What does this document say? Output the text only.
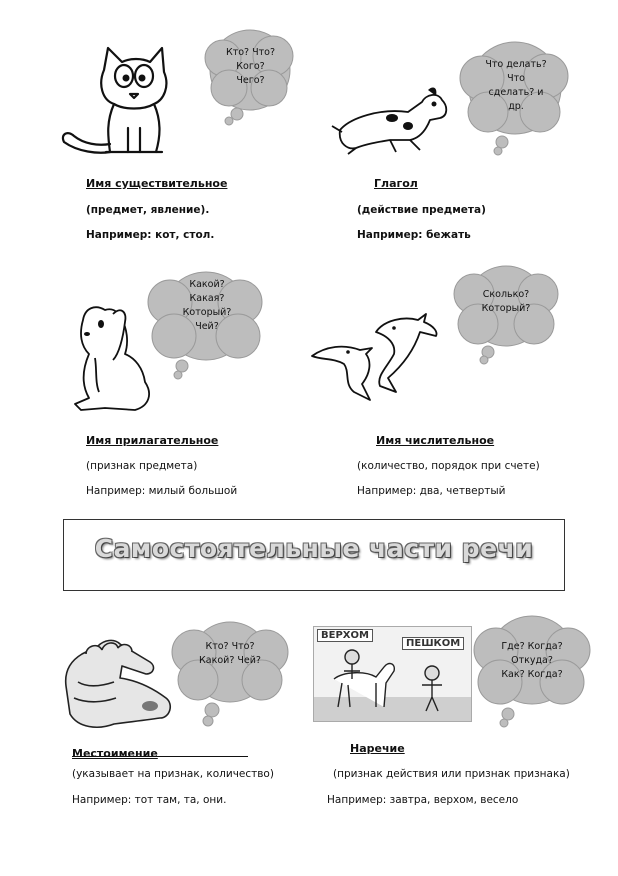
Кто? Что?
Кого?
Чего?
Что делать?
Что
сделать? и
др.
Имя существительное
(предмет, явление).
Например: кот, стол.
Глагол
(действие предмета)
Например: бежать
Какой?
Какая?
Который?
Чей?
Сколько?
Который?
Имя прилагательное
(признак предмета)
Например: милый большой
Имя числительное
(количество, порядок при счете)
Например: два, четвертый
Самостоятельные части речи
Кто? Что?
Какой? Чей?
ВЕРХОМ
ПЕШКОМ	Где? Когда?
Откуда?
Как? Когда?
Местоимение
(указывает на признак, количество)
Например: тот там, та, они.
Наречие
(признак действия или признак признака)
Например: завтра, верхом, весело
